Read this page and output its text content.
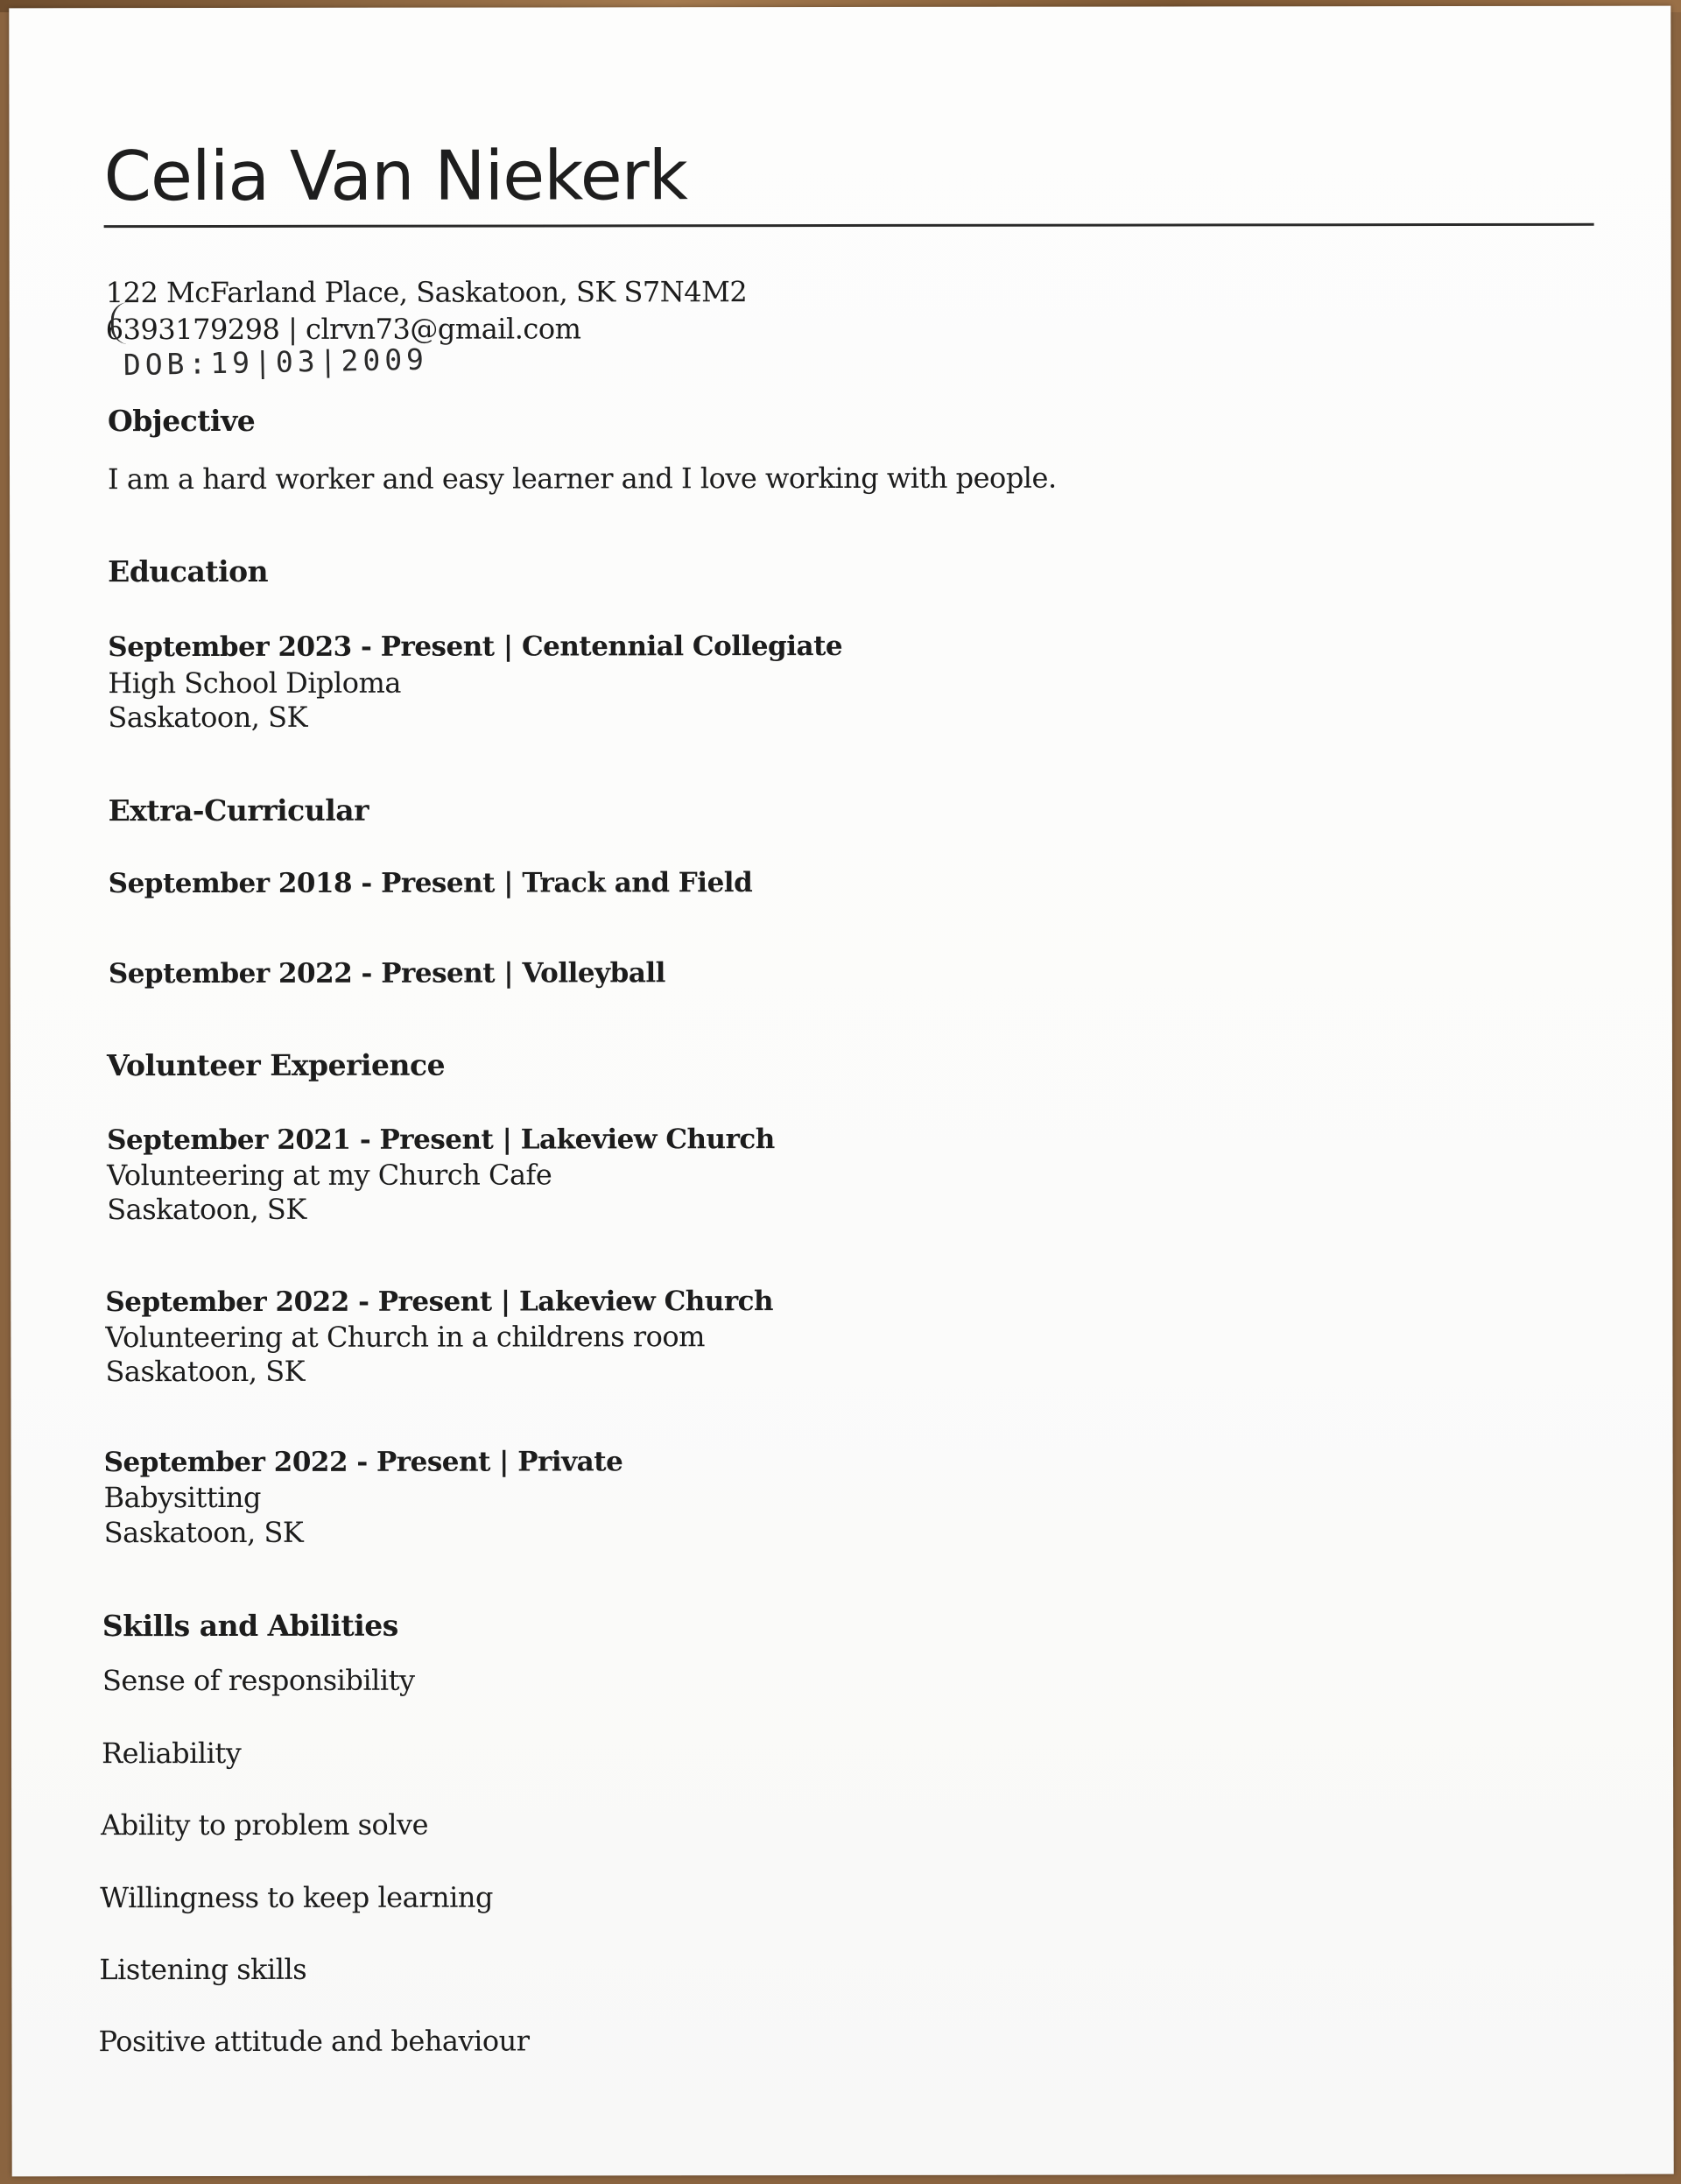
Celia Van Niekerk
122 McFarland Place, Saskatoon, SK S7N4M2
6393179298 | clrvn73@gmail.com
DOB:19|03|2009
Objective
I am a hard worker and easy learner and I love working with people.
Education
September 2023 - Present | Centennial Collegiate
High School Diploma
Saskatoon, SK
Extra-Curricular
September 2018 - Present | Track and Field
September 2022 - Present | Volleyball
Volunteer Experience
September 2021 - Present | Lakeview Church
Volunteering at my Church Cafe
Saskatoon, SK
September 2022 - Present | Lakeview Church
Volunteering at Church in a childrens room
Saskatoon, SK
September 2022 - Present | Private
Babysitting
Saskatoon, SK
Skills and Abilities
Sense of responsibility
Reliability
Ability to problem solve
Willingness to keep learning
Listening skills
Positive attitude and behaviour
